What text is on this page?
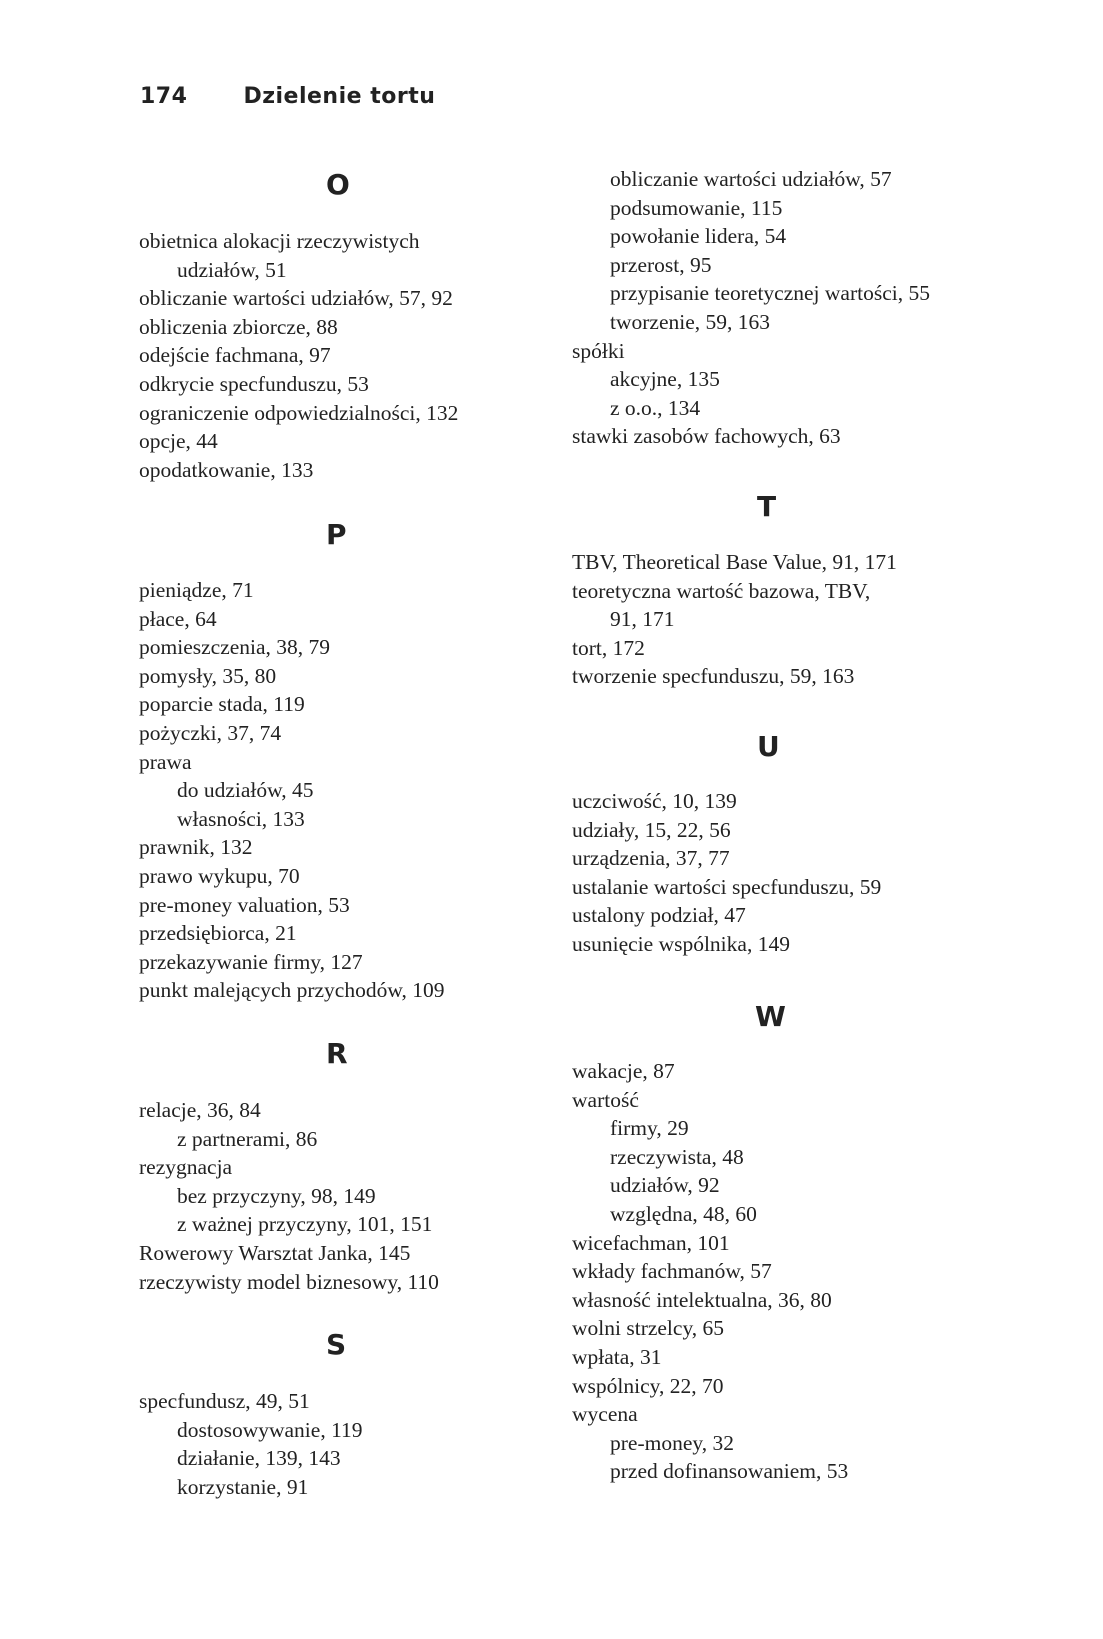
174	Dzielenie tortu
O
obietnica alokacji rzeczywistych
udziałów, 51
obliczanie wartości udziałów, 57, 92
obliczenia zbiorcze, 88
odejście fachmana, 97
odkrycie specfunduszu, 53
ograniczenie odpowiedzialności, 132
opcje, 44
opodatkowanie, 133
P
pieniądze, 71
płace, 64
pomieszczenia, 38, 79
pomysły, 35, 80
poparcie stada, 119
pożyczki, 37, 74
prawa
do udziałów, 45
własności, 133
prawnik, 132
prawo wykupu, 70
pre-money valuation, 53
przedsiębiorca, 21
przekazywanie firmy, 127
punkt malejących przychodów, 109
R
relacje, 36, 84
z partnerami, 86
rezygnacja
bez przyczyny, 98, 149
z ważnej przyczyny, 101, 151
Rowerowy Warsztat Janka, 145
rzeczywisty model biznesowy, 110
S
specfundusz, 49, 51
dostosowywanie, 119
działanie, 139, 143
korzystanie, 91
obliczanie wartości udziałów, 57
podsumowanie, 115
powołanie lidera, 54
przerost, 95
przypisanie teoretycznej wartości, 55
tworzenie, 59, 163
spółki
akcyjne, 135
z o.o., 134
stawki zasobów fachowych, 63
T
TBV, Theoretical Base Value, 91, 171
teoretyczna wartość bazowa, TBV,
91, 171
tort, 172
tworzenie specfunduszu, 59, 163
U
uczciwość, 10, 139
udziały, 15, 22, 56
urządzenia, 37, 77
ustalanie wartości specfunduszu, 59
ustalony podział, 47
usunięcie wspólnika, 149
W
wakacje, 87
wartość
firmy, 29
rzeczywista, 48
udziałów, 92
względna, 48, 60
wicefachman, 101
wkłady fachmanów, 57
własność intelektualna, 36, 80
wolni strzelcy, 65
wpłata, 31
wspólnicy, 22, 70
wycena
pre-money, 32
przed dofinansowaniem, 53
